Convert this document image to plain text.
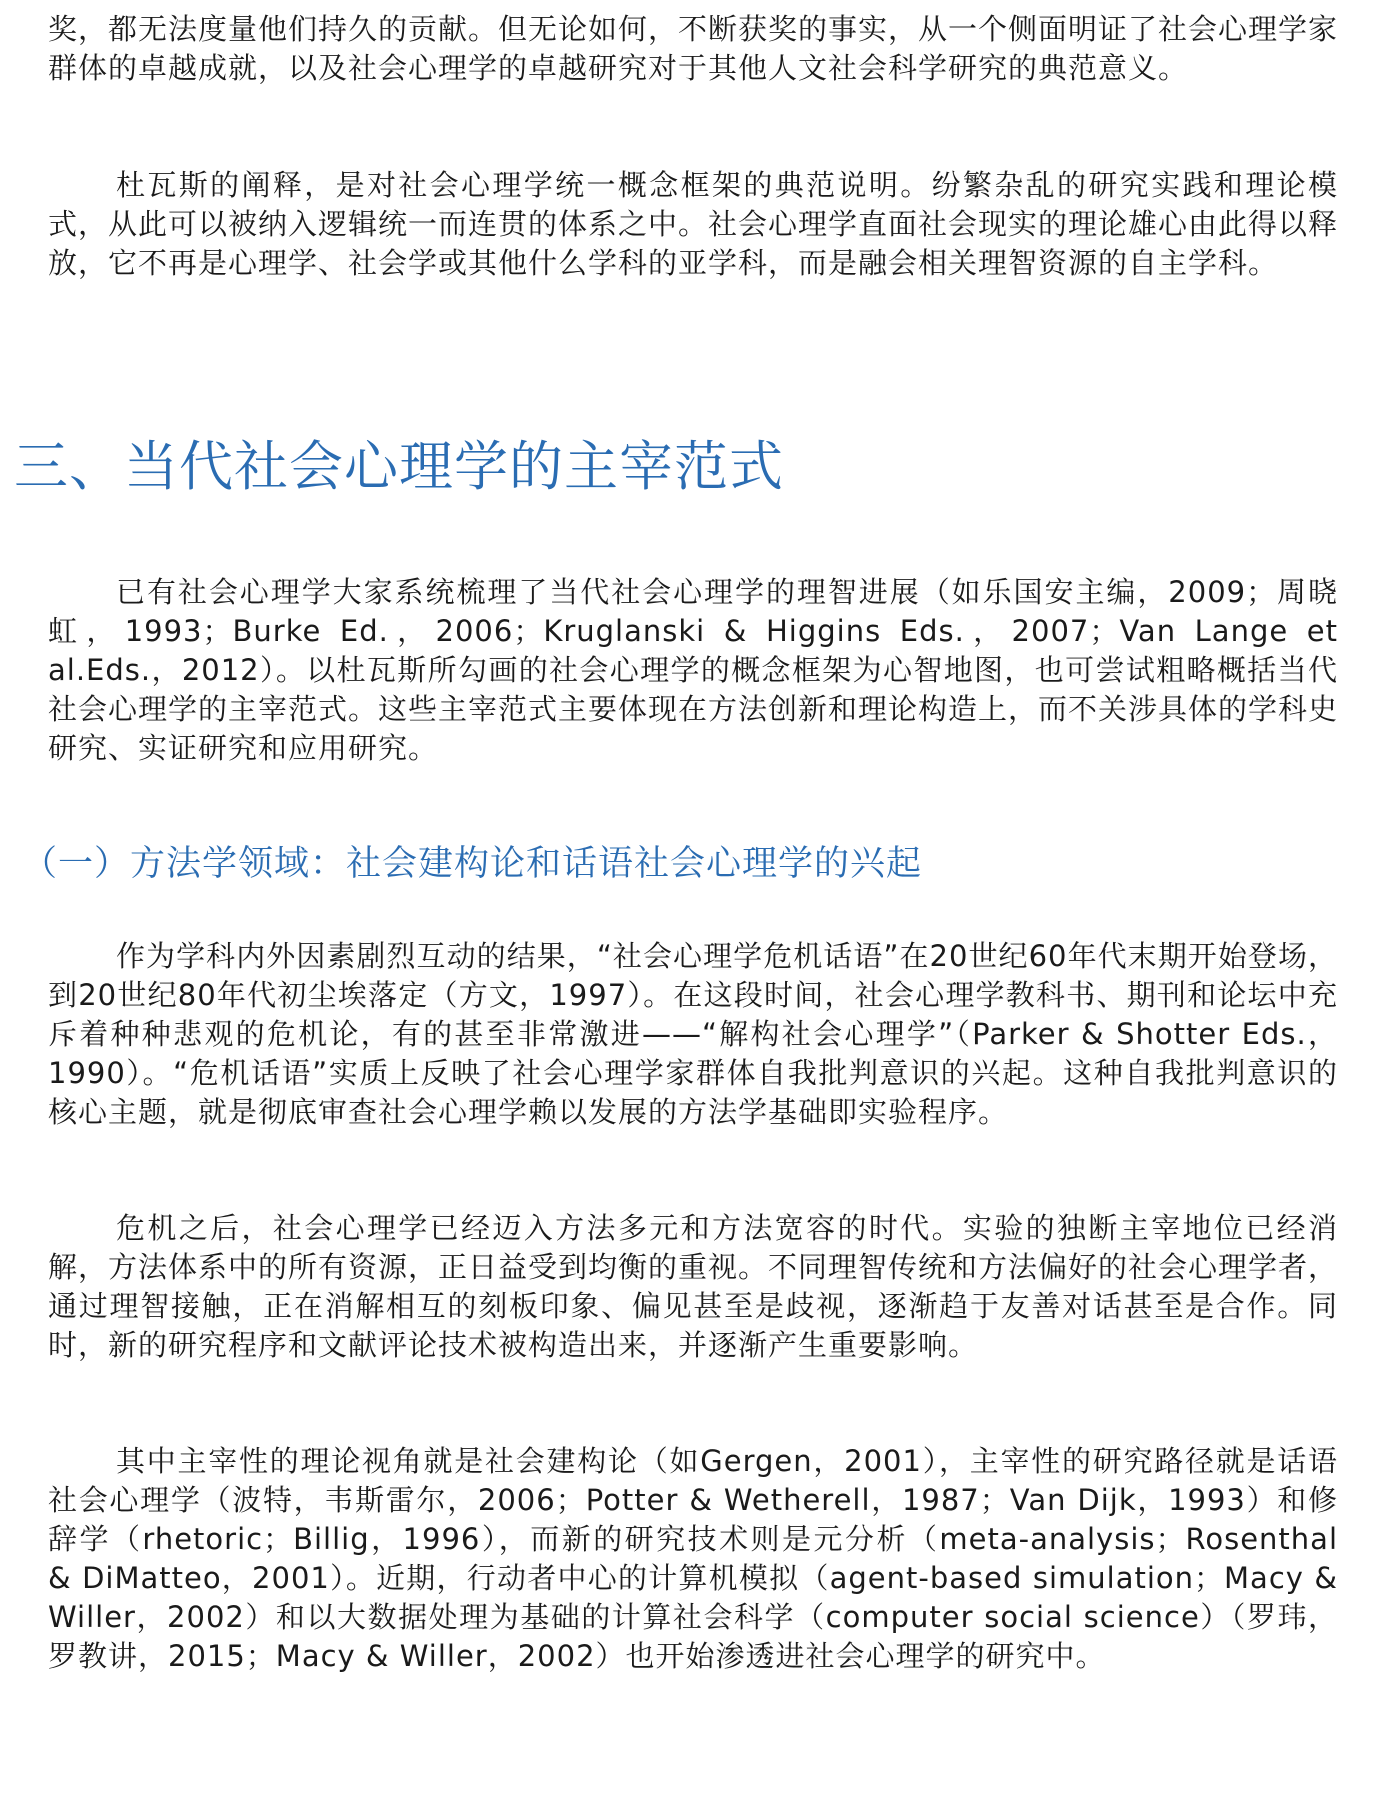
奖，都无法度量他们持久的贡献。但无论如何，不断获奖的事实，从一个侧面明证了社会心理学家群体的卓越成就，以及社会心理学的卓越研究对于其他人文社会科学研究的典范意义。

杜瓦斯的阐释，是对社会心理学统一概念框架的典范说明。纷繁杂乱的研究实践和理论模式，从此可以被纳入逻辑统一而连贯的体系之中。社会心理学直面社会现实的理论雄心由此得以释放，它不再是心理学、社会学或其他什么学科的亚学科，而是融会相关理智资源的自主学科。

三、当代社会心理学的主宰范式

已有社会心理学大家系统梳理了当代社会心理学的理智进展（如乐国安主编，2009；周晓虹，1993；Burke Ed.，2006；Kruglanski & Higgins Eds.，2007；Van Lange et al.Eds.，2012）。以杜瓦斯所勾画的社会心理学的概念框架为心智地图，也可尝试粗略概括当代社会心理学的主宰范式。这些主宰范式主要体现在方法创新和理论构造上，而不关涉具体的学科史研究、实证研究和应用研究。

（一）方法学领域：社会建构论和话语社会心理学的兴起

作为学科内外因素剧烈互动的结果，“社会心理学危机话语”在20世纪60年代末期开始登场，到20世纪80年代初尘埃落定（方文，1997）。在这段时间，社会心理学教科书、期刊和论坛中充斥着种种悲观的危机论，有的甚至非常激进——“解构社会心理学”（Parker & Shotter Eds.，1990）。“危机话语”实质上反映了社会心理学家群体自我批判意识的兴起。这种自我批判意识的核心主题，就是彻底审查社会心理学赖以发展的方法学基础即实验程序。

危机之后，社会心理学已经迈入方法多元和方法宽容的时代。实验的独断主宰地位已经消解，方法体系中的所有资源，正日益受到均衡的重视。不同理智传统和方法偏好的社会心理学者，通过理智接触，正在消解相互的刻板印象、偏见甚至是歧视，逐渐趋于友善对话甚至是合作。同时，新的研究程序和文献评论技术被构造出来，并逐渐产生重要影响。

其中主宰性的理论视角就是社会建构论（如Gergen，2001），主宰性的研究路径就是话语社会心理学（波特，韦斯雷尔，2006；Potter & Wetherell，1987；Van Dijk，1993）和修辞学（rhetoric；Billig，1996），而新的研究技术则是元分析（meta-analysis；Rosenthal & DiMatteo，2001）。近期，行动者中心的计算机模拟（agent-based simulation；Macy & Willer，2002）和以大数据处理为基础的计算社会科学（computer social science）（罗玮，罗教讲，2015；Macy & Willer，2002）也开始渗透进社会心理学的研究中。
